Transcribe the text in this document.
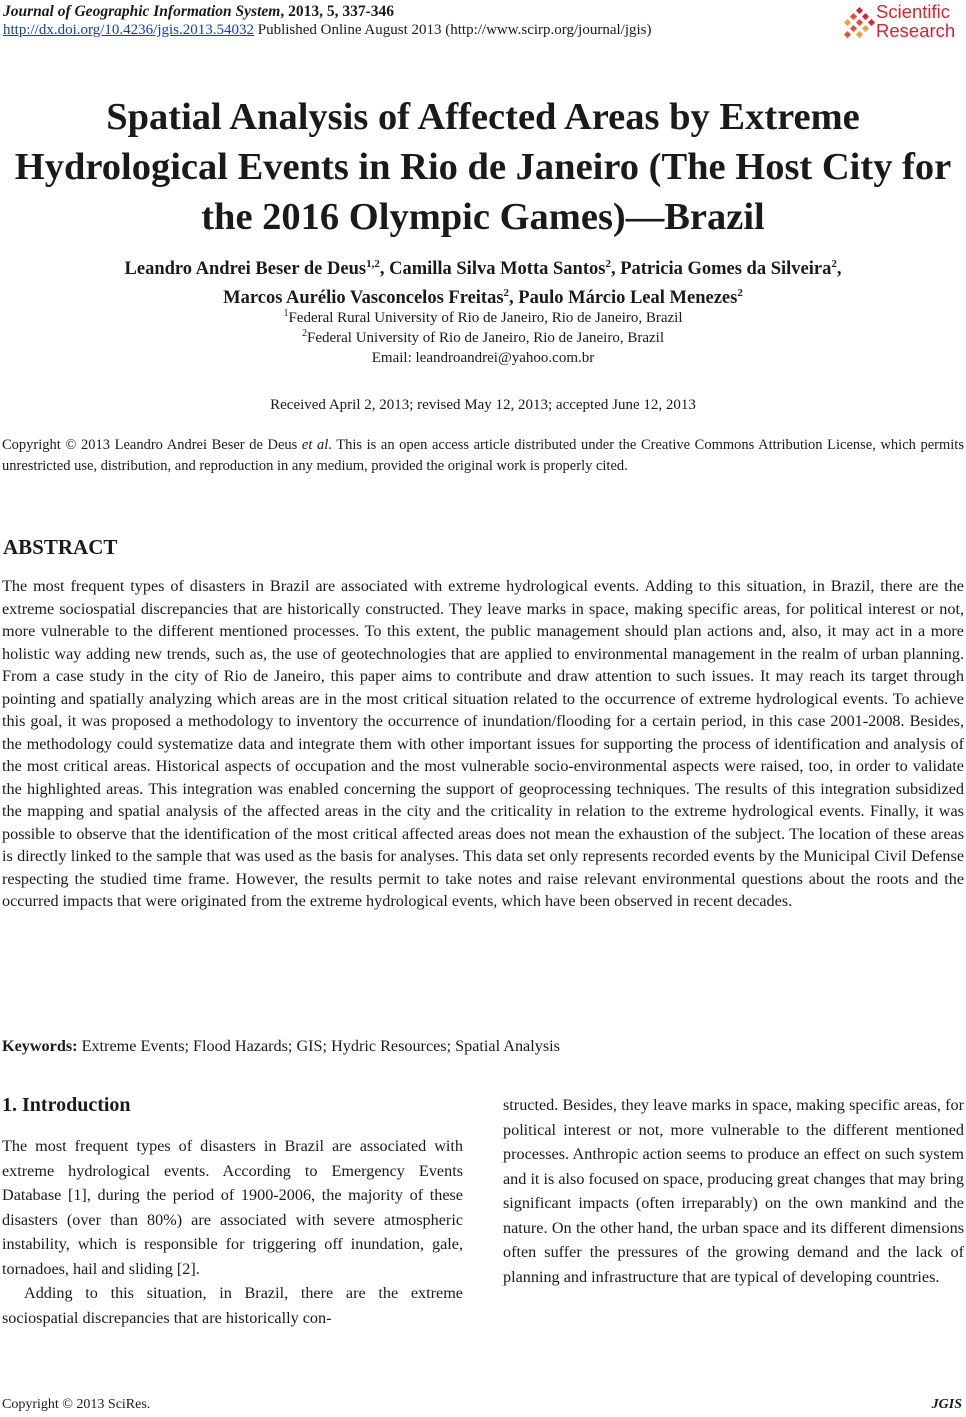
Journal of Geographic Information System, 2013, 5, 337-346
http://dx.doi.org/10.4236/jgis.2013.54032 Published Online August 2013 (http://www.scirp.org/journal/jgis)
Scientific
Research
Spatial Analysis of Affected Areas by Extreme Hydrological Events in Rio de Janeiro (The Host City for the 2016 Olympic Games)—Brazil
Leandro Andrei Beser de Deus$^{1,2}$, Camilla Silva Motta Santos$^2$, Patricia Gomes da Silveira$^2$,
Marcos Aurélio Vasconcelos Freitas$^2$, Paulo Márcio Leal Menezes$^2$
$^1$Federal Rural University of Rio de Janeiro, Rio de Janeiro, Brazil
$^2$Federal University of Rio de Janeiro, Rio de Janeiro, Brazil
Email: leandroandrei@yahoo.com.br
Received April 2, 2013; revised May 12, 2013; accepted June 12, 2013
Copyright © 2013 Leandro Andrei Beser de Deus et al. This is an open access article distributed under the Creative Commons Attribution License, which permits unrestricted use, distribution, and reproduction in any medium, provided the original work is properly cited.
ABSTRACT

The most frequent types of disasters in Brazil are associated with extreme hydrological events. Adding to this situation, in Brazil, there are the extreme sociospatial discrepancies that are historically constructed. They leave marks in space, making specific areas, for political interest or not, more vulnerable to the different mentioned processes. To this extent, the public management should plan actions and, also, it may act in a more holistic way adding new trends, such as, the use of geotechnologies that are applied to environmental management in the realm of urban planning. From a case study in the city of Rio de Janeiro, this paper aims to contribute and draw attention to such issues. It may reach its target through pointing and spatially analyzing which areas are in the most critical situation related to the occurrence of extreme hydrological events. To achieve this goal, it was proposed a methodology to inventory the occurrence of inundation/flooding for a certain period, in this case 2001-2008. Besides, the methodology could systematize data and integrate them with other important issues for supporting the process of identification and analysis of the most critical areas. Historical aspects of occupation and the most vulnerable socio-environmental aspects were raised, too, in order to validate the highlighted areas. This integration was enabled concerning the support of geoprocessing techniques. The results of this integration subsidized the mapping and spatial analysis of the affected areas in the city and the criticality in relation to the extreme hydrological events. Finally, it was possible to observe that the identification of the most critical affected areas does not mean the exhaustion of the subject. The location of these areas is directly linked to the sample that was used as the basis for analyses. This data set only represents recorded events by the Municipal Civil Defense respecting the studied time frame. However, the results permit to take notes and raise relevant environmental questions about the roots and the occurred impacts that were originated from the extreme hydrological events, which have been observed in recent decades.

Keywords: Extreme Events; Flood Hazards; GIS; Hydric Resources; Spatial Analysis
1. Introduction

The most frequent types of disasters in Brazil are associated with extreme hydrological events. According to Emergency Events Database [1], during the period of 1900-2006, the majority of these disasters (over than 80%) are associated with severe atmospheric instability, which is responsible for triggering off inundation, gale, tornadoes, hail and sliding [2].

Adding to this situation, in Brazil, there are the extreme sociospatial discrepancies that are historically con-

structed. Besides, they leave marks in space, making specific areas, for political interest or not, more vulnerable to the different mentioned processes. Anthropic action seems to produce an effect on such system and it is also focused on space, producing great changes that may bring significant impacts (often irreparably) on the own mankind and the nature. On the other hand, the urban space and its different dimensions often suffer the pressures of the growing demand and the lack of planning and infrastructure that are typical of developing countries.

Copyright © 2013 SciRes.	JGIS
